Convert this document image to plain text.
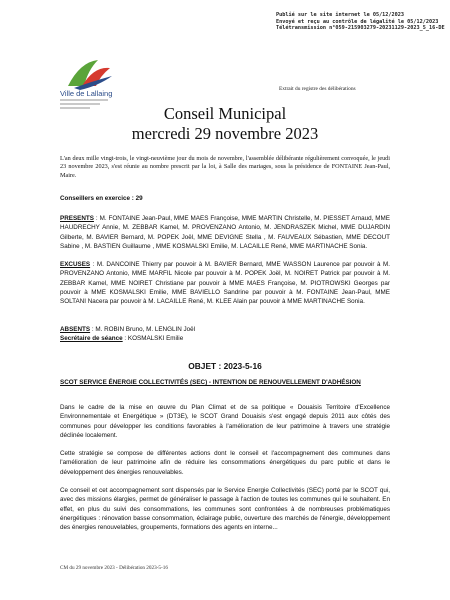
Publié sur le site internet le 05/12/2023
Envoyé et reçu au contrôle de légalité le 05/12/2023
Télétransmission n°059-215903279-20231129-2023_5_16-DE
Ville de Lallaing	Extrait du registre des délibérations
Conseil Municipal
mercredi 29 novembre 2023
L'an deux mille vingt-trois, le vingt-neuvième jour du mois de novembre, l'assemblée délibérante régulièrement convoquée, le jeudi 23 novembre 2023, s'est réunie au nombre prescrit par la loi, à Salle des mariages, sous la présidence de FONTAINE Jean-Paul, Maire.
Conseillers en exercice : 29
PRESENTS : M. FONTAINE Jean-Paul, MME MAES Françoise, MME MARTIN Christelle, M. PIESSET Arnaud, MME HAUDRECHY Annie, M. ZEBBAR Kamel, M. PROVENZANO Antonio, M. JENDRASZEK Michel, MME DUJARDIN Gilberte, M. BAVIER Bernard, M. POPEK Joël, MME DEVIGNE Stella , M. FAUVEAUX Sébastien, MME DECOUT Sabine , M. BASTIEN Guillaume , MME KOSMALSKI Emilie, M. LACAILLE René, MME MARTINACHE Sonia.
EXCUSES : M. DANCOINE Thierry par pouvoir à M. BAVIER Bernard, MME WASSON Laurence par pouvoir à M. PROVENZANO Antonio, MME MARFIL Nicole par pouvoir à M. POPEK Joël, M. NOIRET Patrick par pouvoir à M. ZEBBAR Kamel, MME NOIRET Christiane par pouvoir à MME MAES Françoise, M. PIOTROWSKI Georges par pouvoir à MME KOSMALSKI Emilie, MME BAVIELLO Sandrine par pouvoir à M. FONTAINE Jean-Paul, MME SOLTANI Nacera par pouvoir à M. LACAILLE René, M. KLEE Alain par pouvoir à MME MARTINACHE Sonia.
ABSENTS : M. ROBIN Bruno, M. LENGLIN Joël
Secrétaire de séance : KOSMALSKI Emilie
OBJET : 2023-5-16
SCOT SERVICE ÉNERGIE COLLECTIVITÉS (SEC) - INTENTION DE RENOUVELLEMENT D'ADHÉSION
Dans le cadre de la mise en œuvre du Plan Climat et de sa politique « Douaisis Territoire d'Excellence Environnementale et Energétique » (DT3E), le SCOT Grand Douaisis s'est engagé depuis 2011 aux côtés des communes pour développer les conditions favorables à l'amélioration de leur patrimoine à travers une stratégie déclinée localement.
Cette stratégie se compose de différentes actions dont le conseil et l'accompagnement des communes dans l'amélioration de leur patrimoine afin de réduire les consommations énergétiques du parc public et dans le développement des énergies renouvelables.
Ce conseil et cet accompagnement sont dispensés par le Service Energie Collectivités (SEC) porté par le SCOT qui, avec des missions élargies, permet de généraliser le passage à l'action de toutes les communes qui le souhaitent. En effet, en plus du suivi des consommations, les communes sont confrontées à de nombreuses problématiques énergétiques : rénovation basse consommation, éclairage public, ouverture des marchés de l'énergie, développement des énergies renouvelables, groupements, formations des agents en interne...
CM du 29 novembre 2023 - Délibération 2023-5-16
